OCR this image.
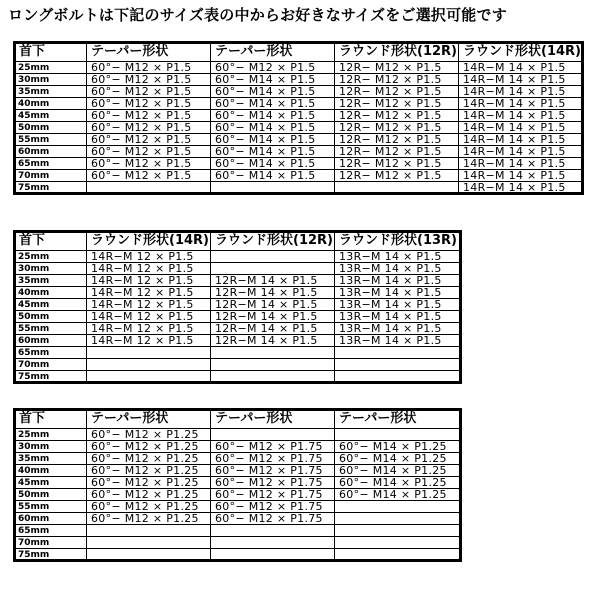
ロングボルトは下記のサイズ表の中からお好きなサイズをご選択可能です
首下	テーパー形状	テーパー形状	ラウンド形状(12R)	ラウンド形状(14R)
25mm	60°− M12 × P1.5	60°− M12 × P1.5	12R− M12 × P1.5	14R−M 14 × P1.5
30mm	60°− M12 × P1.5	60°− M14 × P1.5	12R− M12 × P1.5	14R−M 14 × P1.5
35mm	60°− M12 × P1.5	60°− M14 × P1.5	12R− M12 × P1.5	14R−M 14 × P1.5
40mm	60°− M12 × P1.5	60°− M14 × P1.5	12R− M12 × P1.5	14R−M 14 × P1.5
45mm	60°− M12 × P1.5	60°− M14 × P1.5	12R− M12 × P1.5	14R−M 14 × P1.5
50mm	60°− M12 × P1.5	60°− M14 × P1.5	12R− M12 × P1.5	14R−M 14 × P1.5
55mm	60°− M12 × P1.5	60°− M14 × P1.5	12R− M12 × P1.5	14R−M 14 × P1.5
60mm	60°− M12 × P1.5	60°− M14 × P1.5	12R− M12 × P1.5	14R−M 14 × P1.5
65mm	60°− M12 × P1.5	60°− M14 × P1.5	12R− M12 × P1.5	14R−M 14 × P1.5
70mm	60°− M12 × P1.5	60°− M14 × P1.5	12R− M12 × P1.5	14R−M 14 × P1.5
75mm				14R−M 14 × P1.5
首下	ラウンド形状(14R)	ラウンド形状(12R)	ラウンド形状(13R)
25mm	14R−M 12 × P1.5		13R−M 14 × P1.5
30mm	14R−M 12 × P1.5		13R−M 14 × P1.5
35mm	14R−M 12 × P1.5	12R−M 14 × P1.5	13R−M 14 × P1.5
40mm	14R−M 12 × P1.5	12R−M 14 × P1.5	13R−M 14 × P1.5
45mm	14R−M 12 × P1.5	12R−M 14 × P1.5	13R−M 14 × P1.5
50mm	14R−M 12 × P1.5	12R−M 14 × P1.5	13R−M 14 × P1.5
55mm	14R−M 12 × P1.5	12R−M 14 × P1.5	13R−M 14 × P1.5
60mm	14R−M 12 × P1.5	12R−M 14 × P1.5	13R−M 14 × P1.5
65mm			
70mm			
75mm			
首下	テーパー形状	テーパー形状	テーパー形状
25mm	60°− M12 × P1.25		
30mm	60°− M12 × P1.25	60°− M12 × P1.75	60°− M14 × P1.25
35mm	60°− M12 × P1.25	60°− M12 × P1.75	60°− M14 × P1.25
40mm	60°− M12 × P1.25	60°− M12 × P1.75	60°− M14 × P1.25
45mm	60°− M12 × P1.25	60°− M12 × P1.75	60°− M14 × P1.25
50mm	60°− M12 × P1.25	60°− M12 × P1.75	60°− M14 × P1.25
55mm	60°− M12 × P1.25	60°− M12 × P1.75	
60mm	60°− M12 × P1.25	60°− M12 × P1.75	
65mm			
70mm			
75mm			
